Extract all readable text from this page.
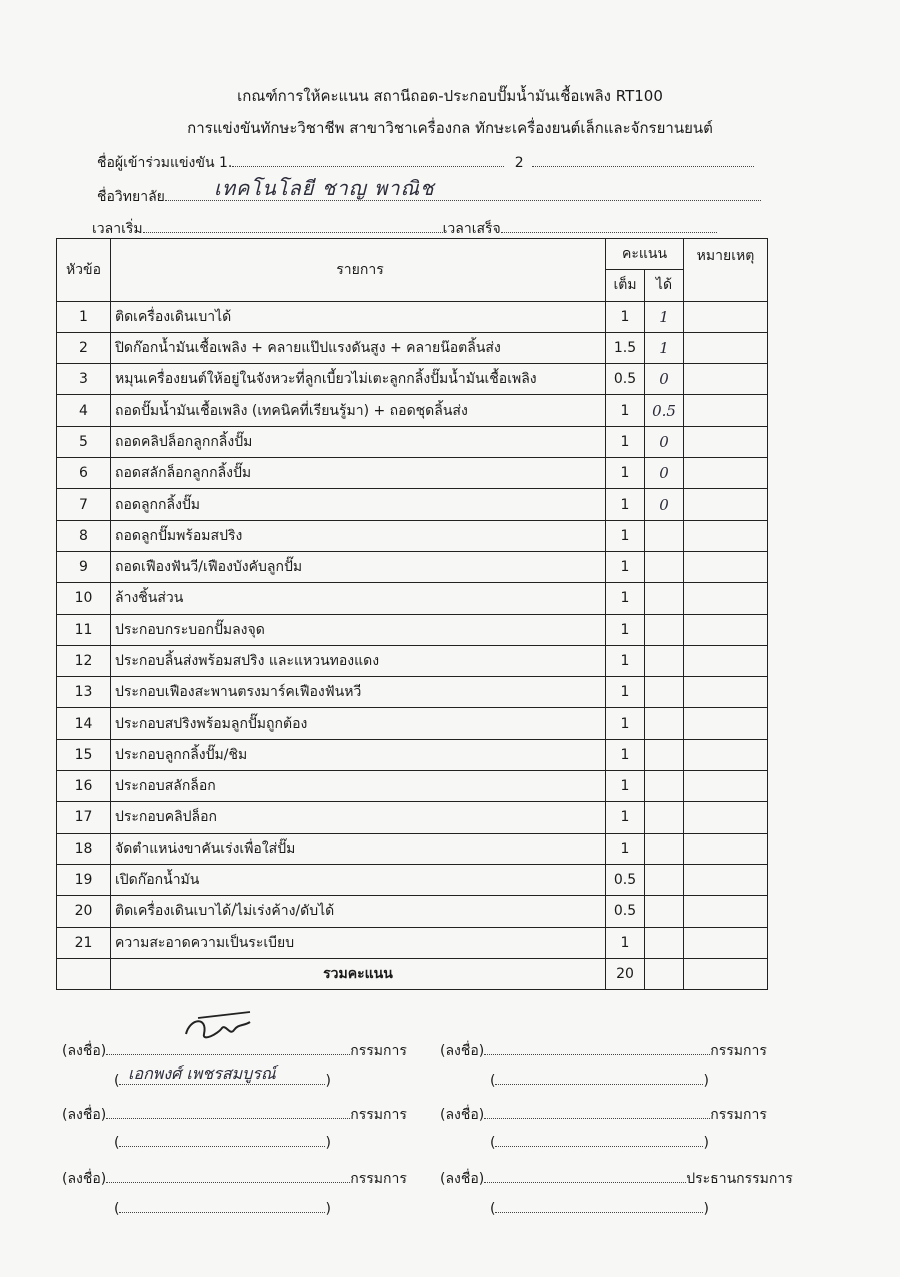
เกณฑ์การให้คะแนน สถานีถอด-ประกอบปั๊มน้ำมันเชื้อเพลิง RT100
การแข่งขันทักษะวิชาชีพ สาขาวิชาเครื่องกล ทักษะเครื่องยนต์เล็กและจักรยานยนต์
ชื่อผู้เข้าร่วมแข่งขัน 1.	2
ชื่อวิทยาลัย	เทคโนโลยี ชาญ พาณิช
เวลาเริ่ม	เวลาเสร็จ
หัวข้อ	รายการ	คะแนน		หมายเหตุ
		เต็ม	ได้	
1	ติดเครื่องเดินเบาได้	1	1	
2	ปิดก๊อกน้ำมันเชื้อเพลิง + คลายแป๊ปแรงดันสูง + คลายน๊อตลิ้นส่ง	1.5	1	
3	หมุนเครื่องยนต์ให้อยู่ในจังหวะที่ลูกเบี้ยวไม่เตะลูกกลิ้งปั๊มน้ำมันเชื้อเพลิง	0.5	0	
4	ถอดปั๊มน้ำมันเชื้อเพลิง (เทคนิคที่เรียนรู้มา) + ถอดชุดลิ้นส่ง	1	0.5	
5	ถอดคลิปล็อกลูกกลิ้งปั๊ม	1	0	
6	ถอดสลักล็อกลูกกลิ้งปั๊ม	1	0	
7	ถอดลูกกลิ้งปั๊ม	1	0	
8	ถอดลูกปั๊มพร้อมสปริง	1		
9	ถอดเฟืองฟันวี/เฟืองบังคับลูกปั๊ม	1		
10	ล้างชิ้นส่วน	1		
11	ประกอบกระบอกปั๊มลงจุด	1		
12	ประกอบลิ้นส่งพร้อมสปริง และแหวนทองแดง	1		
13	ประกอบเฟืองสะพานตรงมาร์คเฟืองฟันหวี	1		
14	ประกอบสปริงพร้อมลูกปั๊มถูกต้อง	1		
15	ประกอบลูกกลิ้งปั๊ม/ชิม	1		
16	ประกอบสลักล็อก	1		
17	ประกอบคลิปล็อก	1		
18	จัดตำแหน่งขาคันเร่งเพื่อใส่ปั๊ม	1		
19	เปิดก๊อกน้ำมัน	0.5		
20	ติดเครื่องเดินเบาได้/ไม่เร่งค้าง/ดับได้	0.5		
21	ความสะอาดความเป็นระเบียบ	1		
	รวมคะแนน	20		
(ลงชื่อ)	กรรมการ (ลงชื่อ)	กรรมการ
(	)
เอกพงศ์ เพชรสมบูรณ์	(	)
(ลงชื่อ)	กรรมการ (ลงชื่อ)	กรรมการ
(	)	(	)
(ลงชื่อ)	กรรมการ (ลงชื่อ)	ประธานกรรมการ
(	)	(	)
